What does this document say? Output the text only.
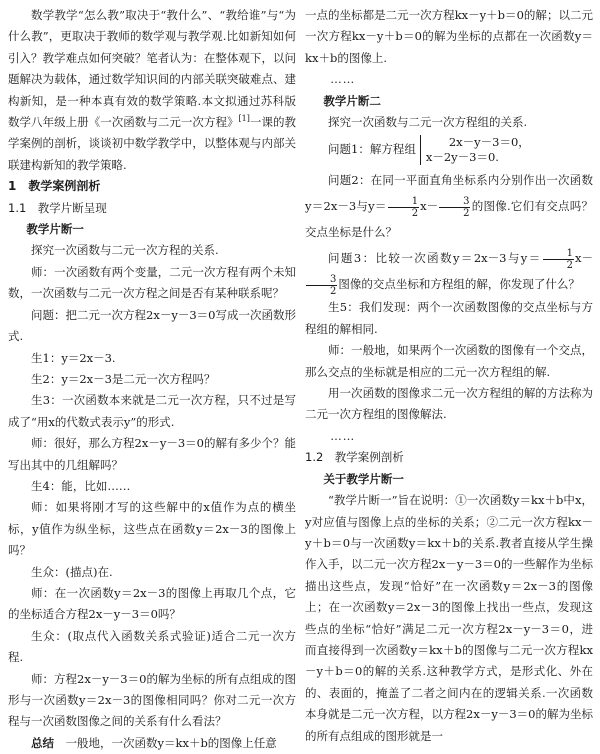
数学教学“怎么教”取决于“教什么”、“教给谁”与“为什么教”，更取决于教师的数学观与教学观.比如新知如何引入？教学难点如何突破？笔者认为：在整体观下，以问题解决为载体，通过数学知识间的内部关联突破难点、建构新知，是一种本真有效的数学策略.本文拟通过苏科版数学八年级上册《一次函数与二元一次方程》[1]一课的教学案例的剖析，谈谈初中数学教学中，以整体观与内部关联建构新知的教学策略.

1　教学案例剖析

1.1　教学片断呈现

教学片断一

探究一次函数与二元一次方程的关系.

师：一次函数有两个变量，二元一次方程有两个未知数，一次函数与二元一次方程之间是否有某种联系呢？

问题：把二元一次方程2x－y－3＝0写成一次函数形式.

生1：y＝2x－3.

生2：y＝2x－3是二元一次方程吗？

生3：一次函数本来就是二元一次方程，只不过是写成了“用x的代数式表示y”的形式.

师：很好，那么方程2x－y－3＝0的解有多少个？能写出其中的几组解吗？

生4：能，比如……

师：如果将刚才写的这些解中的x值作为点的横坐标，y值作为纵坐标，这些点在函数y＝2x－3的图像上吗？

生众：(描点)在.

师：在一次函数y＝2x－3的图像上再取几个点，它的坐标适合方程2x－y－3＝0吗？

生众：(取点代入函数关系式验证)适合二元一次方程.

师：方程2x－y－3＝0的解为坐标的所有点组成的图形与一次函数y＝2x－3的图像相同吗？你对二元一次方程与一次函数图像之间的关系有什么看法？

总结　一般地，一次函数y＝kx＋b的图像上任意

一点的坐标都是二元一次方程kx－y＋b＝0的解；以二元一次方程kx－y＋b＝0的解为坐标的点都在一次函数y＝kx＋b的图像上.

……

教学片断二

探究一次函数与二元一次方程组的关系.

问题1：解方程组	2x－y－3＝0，
x－2y－3＝0.

问题2：在同一平面直角坐标系内分别作出一次函数y＝2x－3与$y= \frac{1}{2} x- \frac{3}{2}$ 的图像.它们有交点吗？交点坐标是什么？

问题3：比较一次函数y＝2x－3与$y= \frac{1}{2} x-$
$\frac{3}{2}$ 图像的交点坐标和方程组的解，你发现了什么？

生5：我们发现：两个一次函数图像的交点坐标与方程组的解相同.

师：一般地，如果两个一次函数的图像有一个交点，那么交点的坐标就是相应的二元一次方程组的解.

用一次函数的图像求二元一次方程组的解的方法称为二元一次方程组的图像解法.

……

1.2　教学案例剖析

关于教学片断一

“教学片断一”旨在说明：①一次函数y＝kx＋b中x，y对应值与图像上点的坐标的关系；②二元一次方程kx－y＋b＝0与一次函数y＝kx＋b的关系.教者直接从学生操作入手，以二元一次方程2x－y－3＝0的一些解作为坐标描出这些点，发现“恰好”在一次函数y＝2x－3的图像上；在一次函数y＝2x－3的图像上找出一些点，发现这些点的坐标“恰好”满足二元一次方程2x－y－3＝0，进而直接得到一次函数y＝kx＋b的图像与二元一次方程kx－y＋b＝0的解的关系.这种教学方式，是形式化、外在的、表面的，掩盖了二者之间内在的逻辑关系.一次函数本身就是二元一次方程，以方程2x－y－3＝0的解为坐标的所有点组成的图形就是一
